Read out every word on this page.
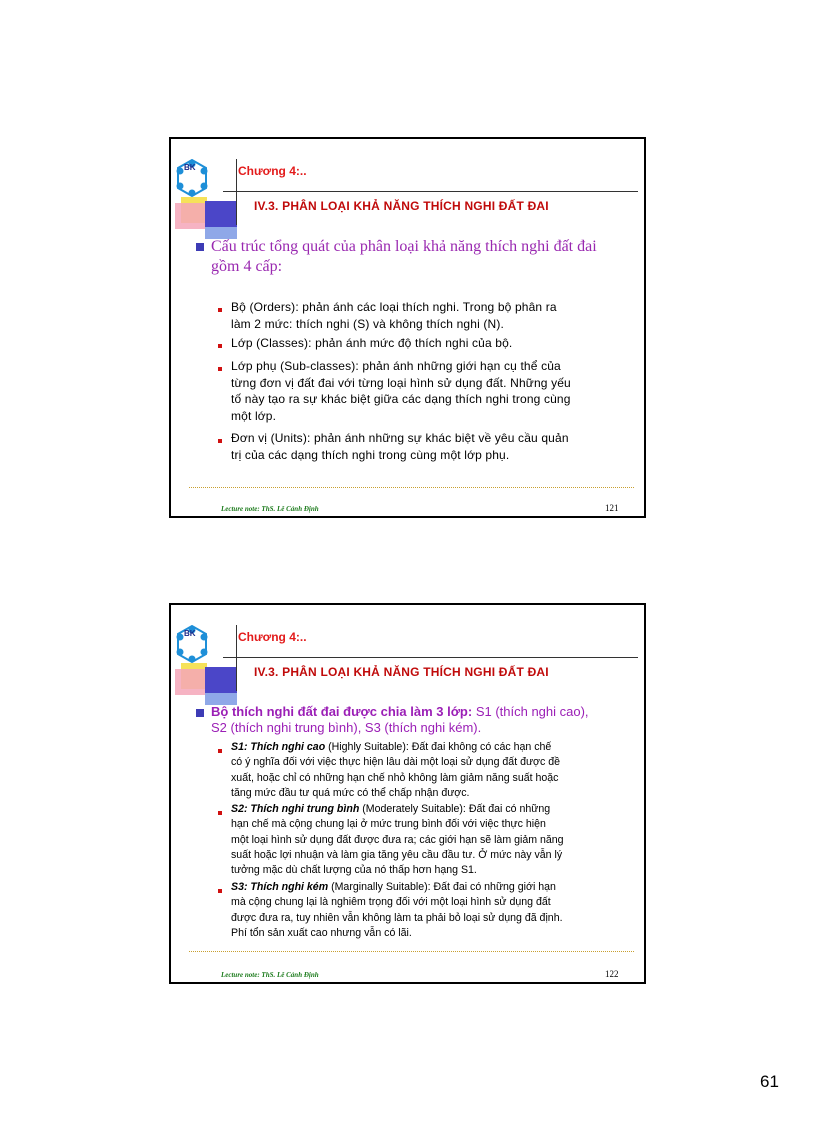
BK	Chương 4:..
IV.3. PHÂN LOẠI KHẢ NĂNG THÍCH NGHI ĐẤT ĐAI
Cấu trúc tổng quát của phân loại khả năng thích nghi đất đai
gồm 4 cấp:
Bộ (Orders): phản ánh các loại thích nghi. Trong bộ phân ra
làm 2 mức: thích nghi (S) và không thích nghi (N).
Lớp (Classes): phản ánh mức độ thích nghi của bộ.
Lớp phụ (Sub-classes): phản ánh những giới hạn cụ thể của
từng đơn vị đất đai với từng loại hình sử dụng đất. Những yếu
tố này tạo ra sự khác biệt giữa các dạng thích nghi trong cùng
một lớp.
Đơn vị (Units): phản ánh những sự khác biệt về yêu cầu quản
trị của các dạng thích nghi trong cùng một lớp phụ.
Lecture note: ThS. Lê Cảnh Định	121
BK	Chương 4:..
IV.3. PHÂN LOẠI KHẢ NĂNG THÍCH NGHI ĐẤT ĐAI
Bộ thích nghi đất đai được chia làm 3 lớp: S1 (thích nghi cao),
S2 (thích nghi trung bình), S3 (thích nghi kém).
S1: Thích nghi cao (Highly Suitable): Đất đai không có các hạn chế
có ý nghĩa đối với việc thực hiện lâu dài một loại sử dụng đất được đề
xuất, hoặc chỉ có những hạn chế nhỏ không làm giảm năng suất hoặc
tăng mức đầu tư quá mức có thể chấp nhận được.
S2: Thích nghi trung bình (Moderately Suitable): Đất đai có những
hạn chế mà cộng chung lại ở mức trung bình đối với việc thực hiện
một loại hình sử dụng đất được đưa ra; các giới hạn sẽ làm giảm năng
suất hoặc lợi nhuận và làm gia tăng yêu cầu đầu tư. Ở mức này vẫn lý
tưởng mặc dù chất lượng của nó thấp hơn hạng S1.
S3: Thích nghi kém (Marginally Suitable): Đất đai có những giới hạn
mà cộng chung lại là nghiêm trọng đối với một loại hình sử dụng đất
được đưa ra, tuy nhiên vẫn không làm ta phải bỏ loại sử dụng đã định.
Phí tổn sản xuất cao nhưng vẫn có lãi.
Lecture note: ThS. Lê Cảnh Định	122
61
